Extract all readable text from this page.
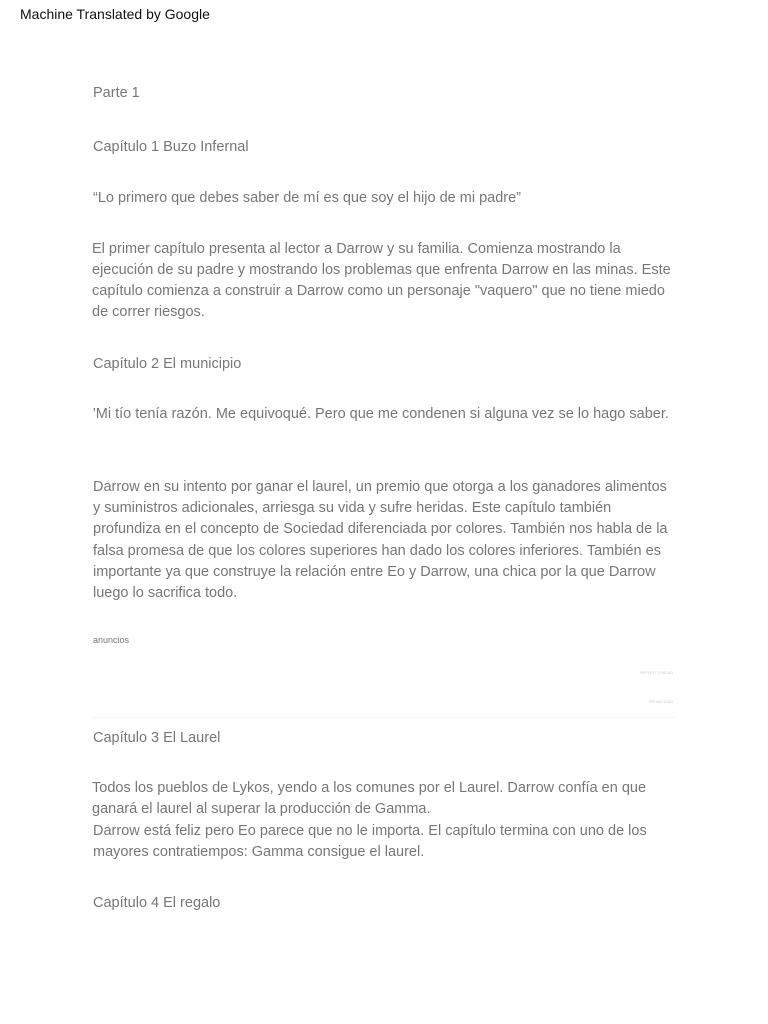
Machine Translated by Google

Parte 1

Capítulo 1 Buzo Infernal

“Lo primero que debes saber de mí es que soy el hijo de mi padre”

El primer capítulo presenta al lector a Darrow y su familia. Comienza mostrando la ejecución de su padre y mostrando los problemas que enfrenta Darrow en las minas. Este capítulo comienza a construir a Darrow como un personaje "vaquero" que no tiene miedo de correr riesgos.

Capítulo 2 El municipio

'Mi tío tenía razón. Me equivoqué. Pero que me condenen si alguna vez se lo hago saber.

Darrow en su intento por ganar el laurel, un premio que otorga a los ganadores alimentos y suministros adicionales, arriesga su vida y sufre heridas. Este capítulo también profundiza en el concepto de Sociedad diferenciada por colores. También nos habla de la falsa promesa de que los colores superiores han dado los colores inferiores. También es importante ya que construye la relación entre Eo y Darrow, una chica por la que Darrow luego lo sacrifica todo.

anuncios
REPORT THIS AD
PRIVACIDAD

Capítulo 3 El Laurel

Todos los pueblos de Lykos, yendo a los comunes por el Laurel. Darrow confía en que ganará el laurel al superar la producción de Gamma.

Darrow está feliz pero Eo parece que no le importa. El capítulo termina con uno de los mayores contratiempos: Gamma consigue el laurel.

Capítulo 4 El regalo
